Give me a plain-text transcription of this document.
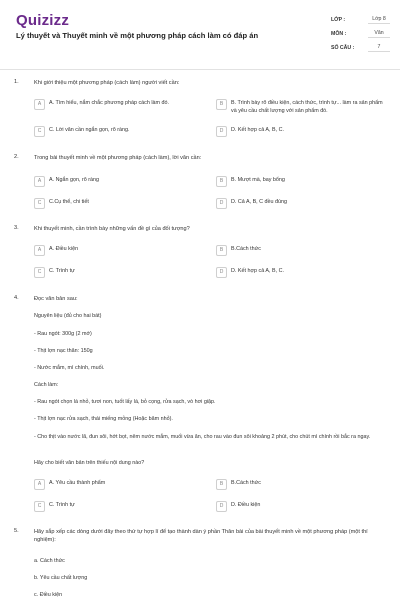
Quizizz
Lý thuyết và Thuyết minh về một phương pháp cách làm có đáp án
LỚP :	Lớp 8
MÔN :	Văn
SỐ CÂU :	7
1.	Khi giới thiệu một phương pháp (cách làm) người viết cần:
A	A. Tìm hiểu, nắm chắc phương pháp cách làm đó.	B	B. Trình bày rõ điều kiện, cách thức, trình tự... làm ra sản phẩm và yêu cầu chất lượng với sản phẩm đó.
C	C. Lời văn cần ngắn gọn, rõ ràng.	D	D. Kết hợp cả A, B, C.
2.	Trong bài thuyết minh về một phương pháp (cách làm), lời văn cần:
A	A. Ngắn gọn, rõ ràng	B	B. Mượt mà, bay bổng
C	C.Cụ thể, chi tiết	D	D. Cả A, B, C đều đúng
3.	Khi thuyết minh, cần trình bày những vấn đề gì của đối tượng?
A	A. Điều kiện	B	B.Cách thức
C	C. Trình tự	D	D. Kết hợp cả A, B, C.
4.	Đọc văn bản sau:
Nguyên liệu (đủ cho hai bát)
- Rau ngót: 300g (2 mớ)
- Thịt lợn nạc thăn: 150g
- Nước mắm, mì chính, muối.
Cách làm:
- Rau ngót chọn lá nhỏ, tươi non, tuốt lấy lá, bỏ cọng, rửa sạch, vò hơi giập.
- Thịt lợn nạc rửa sạch, thái miếng mỏng (Hoặc băm nhỏ).
- Cho thịt vào nước lã, đun sôi, hớt bọt, nêm nước mắm, muối vừa ăn, cho rau vào đun sôi khoảng 2 phút, cho chút mì chính rồi bắc ra ngay.
Hãy cho biết văn bản trên thiếu nội dung nào?
A	A. Yêu cầu thành phẩm	B	B.Cách thức
C	C. Trình tự	D	D. Điều kiện
5.	Hãy sắp xếp các dòng dưới đây theo thứ tự hợp lí để tạo thành dàn ý phần Thân bài của bài thuyết minh về một phương pháp (một thí nghiệm):
a. Cách thức
b. Yêu cầu chất lượng
c. Điều kiện
